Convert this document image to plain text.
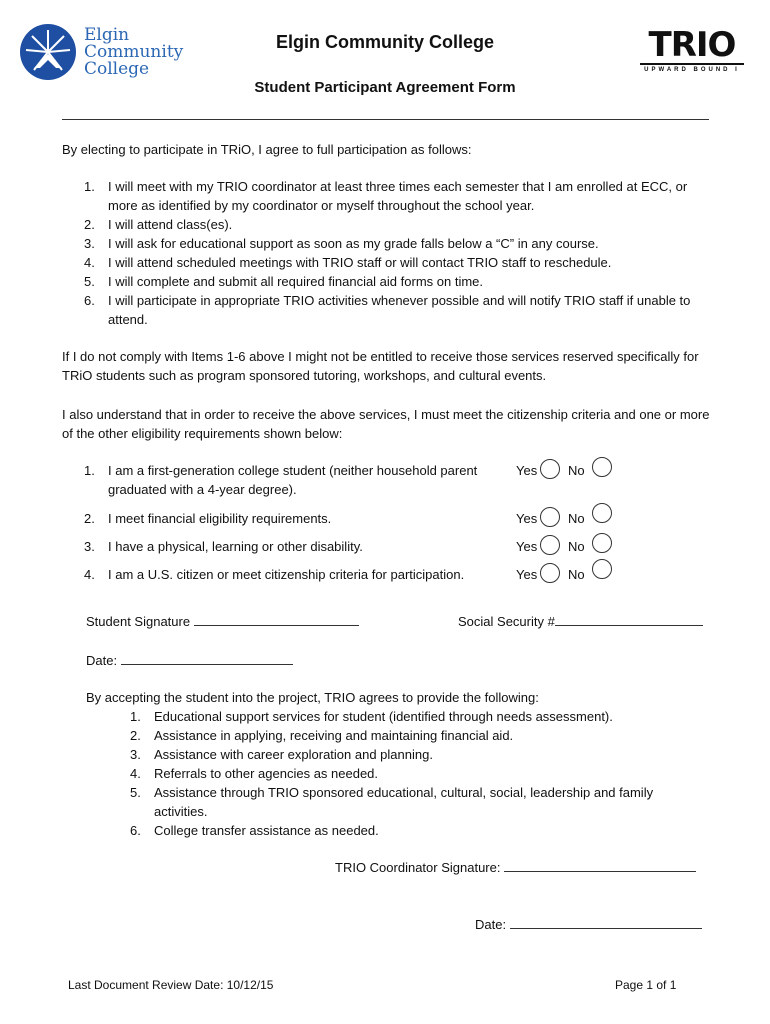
Elgin
Community
College
Elgin Community College
Student Participant Agreement Form
TRIO
UPWARD BOUND I
By electing to participate in TRiO, I agree to full participation as follows:
1.	I will meet with my TRIO coordinator at least three times each semester that I am enrolled at ECC, or more as identified by my coordinator or myself throughout the school year.
2.	I will attend class(es).
3.	I will ask for educational support as soon as my grade falls below a “C” in any course.
4.	I will attend scheduled meetings with TRIO staff or will contact TRIO staff to reschedule.
5.	I will complete and submit all required financial aid forms on time.
6.	I will participate in appropriate TRIO activities whenever possible and will notify TRIO staff if unable to attend.
If I do not comply with Items 1-6 above I might not be entitled to receive those services reserved specifically for TRiO students such as program sponsored tutoring, workshops, and cultural events.
I also understand that in order to receive the above services, I must meet the citizenship criteria and one or more of the other eligibility requirements shown below:
1.	I am a first-generation college student (neither household parent graduated with a 4-year degree).
Yes No
2.	I meet financial eligibility requirements.	Yes No
3.	I have a physical, learning or other disability.	Yes No
4.	I am a U.S. citizen or meet citizenship criteria for participation.	Yes No
Student Signature	Social Security #
Date:
By accepting the student into the project, TRIO agrees to provide the following:
1.	Educational support services for student (identified through needs assessment).
2.	Assistance in applying, receiving and maintaining financial aid.
3.	Assistance with career exploration and planning.
4.	Referrals to other agencies as needed.
5.	Assistance through TRIO sponsored educational, cultural, social, leadership and family activities.
6.	College transfer assistance as needed.
TRIO Coordinator Signature:
Date:
Last Document Review Date: 10/12/15	Page 1 of 1
